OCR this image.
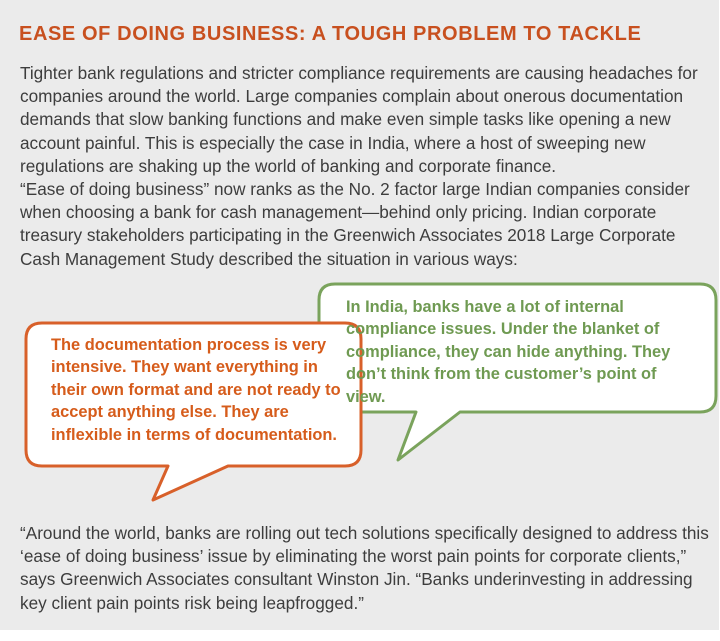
EASE OF DOING BUSINESS: A TOUGH PROBLEM TO TACKLE

Tighter bank regulations and stricter compliance requirements are causing headaches for companies around the world. Large companies complain about onerous documentation demands that slow banking functions and make even simple tasks like opening a new account painful. This is especially the case in India, where a host of sweeping new regulations are shaking up the world of banking and corporate finance.

“Ease of doing business” now ranks as the No. 2 factor large Indian companies consider when choosing a bank for cash management—behind only pricing. Indian corporate treasury stakeholders participating in the Greenwich Associates 2018 Large Corporate Cash Management Study described the situation in various ways:

In India, banks have a lot of internal compliance issues. Under the blanket of compliance, they can hide anything. They don’t think from the customer’s point of view.

The documentation process is very intensive. They want everything in their own format and are not ready to accept anything else. They are inflexible in terms of documentation.

“Around the world, banks are rolling out tech solutions specifically designed to address this ‘ease of doing business’ issue by eliminating the worst pain points for corporate clients,” says Greenwich Associates consultant Winston Jin. “Banks underinvesting in addressing key client pain points risk being leapfrogged.”
